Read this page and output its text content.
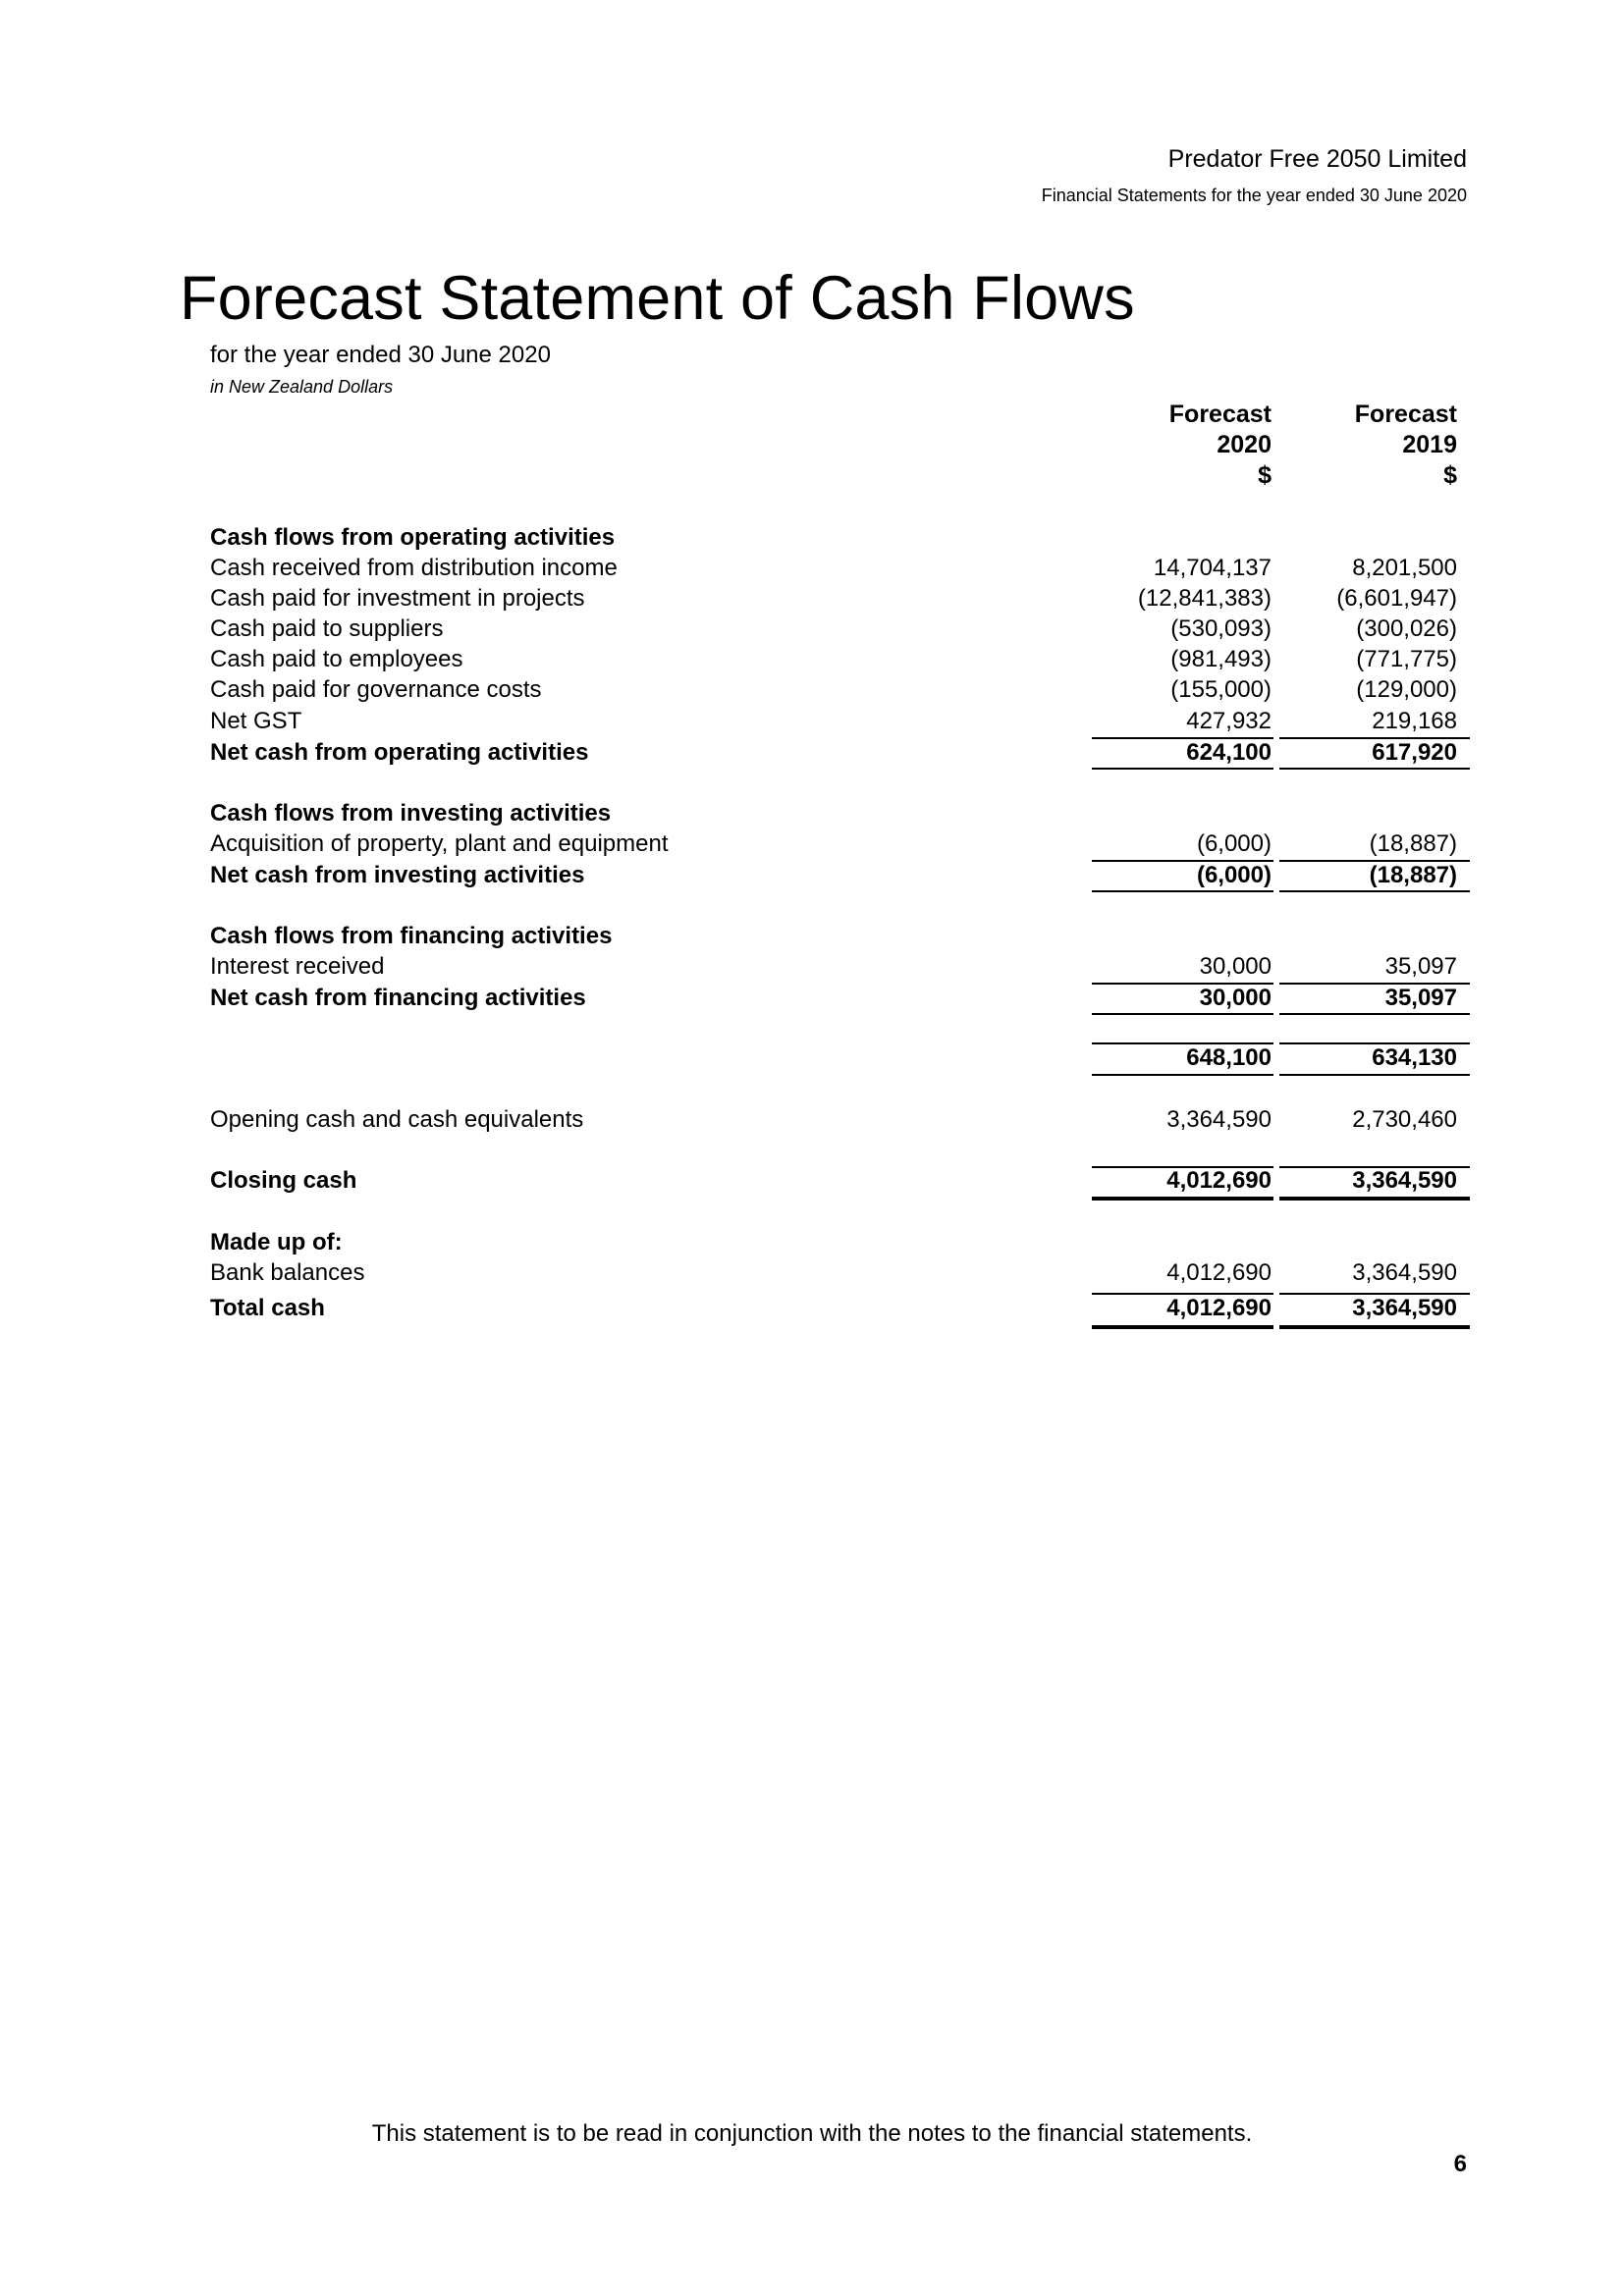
Predator Free 2050 Limited
Financial Statements for the year ended 30 June 2020
Forecast Statement of Cash Flows
for the year ended 30 June 2020
in New Zealand Dollars
Forecast
2020
$
Forecast
2019
$
Cash flows from operating activities
Cash received from distribution income	14,704,137	8,201,500
Cash paid for investment in projects	(12,841,383)	(6,601,947)
Cash paid to suppliers	(530,093)	(300,026)
Cash paid to employees	(981,493)	(771,775)
Cash paid for governance costs	(155,000)	(129,000)
Net GST	427,932	219,168
Net cash from operating activities	624,100	617,920
Cash flows from investing activities
Acquisition of property, plant and equipment	(6,000)	(18,887)
Net cash from investing activities	(6,000)	(18,887)
Cash flows from financing activities
Interest received	30,000	35,097
Net cash from financing activities	30,000	35,097
648,100	634,130
Opening cash and cash equivalents	3,364,590	2,730,460
Closing cash	4,012,690	3,364,590
Made up of:
Bank balances	4,012,690	3,364,590
Total cash	4,012,690	3,364,590
This statement is to be read in conjunction with the notes to the financial statements.
6
